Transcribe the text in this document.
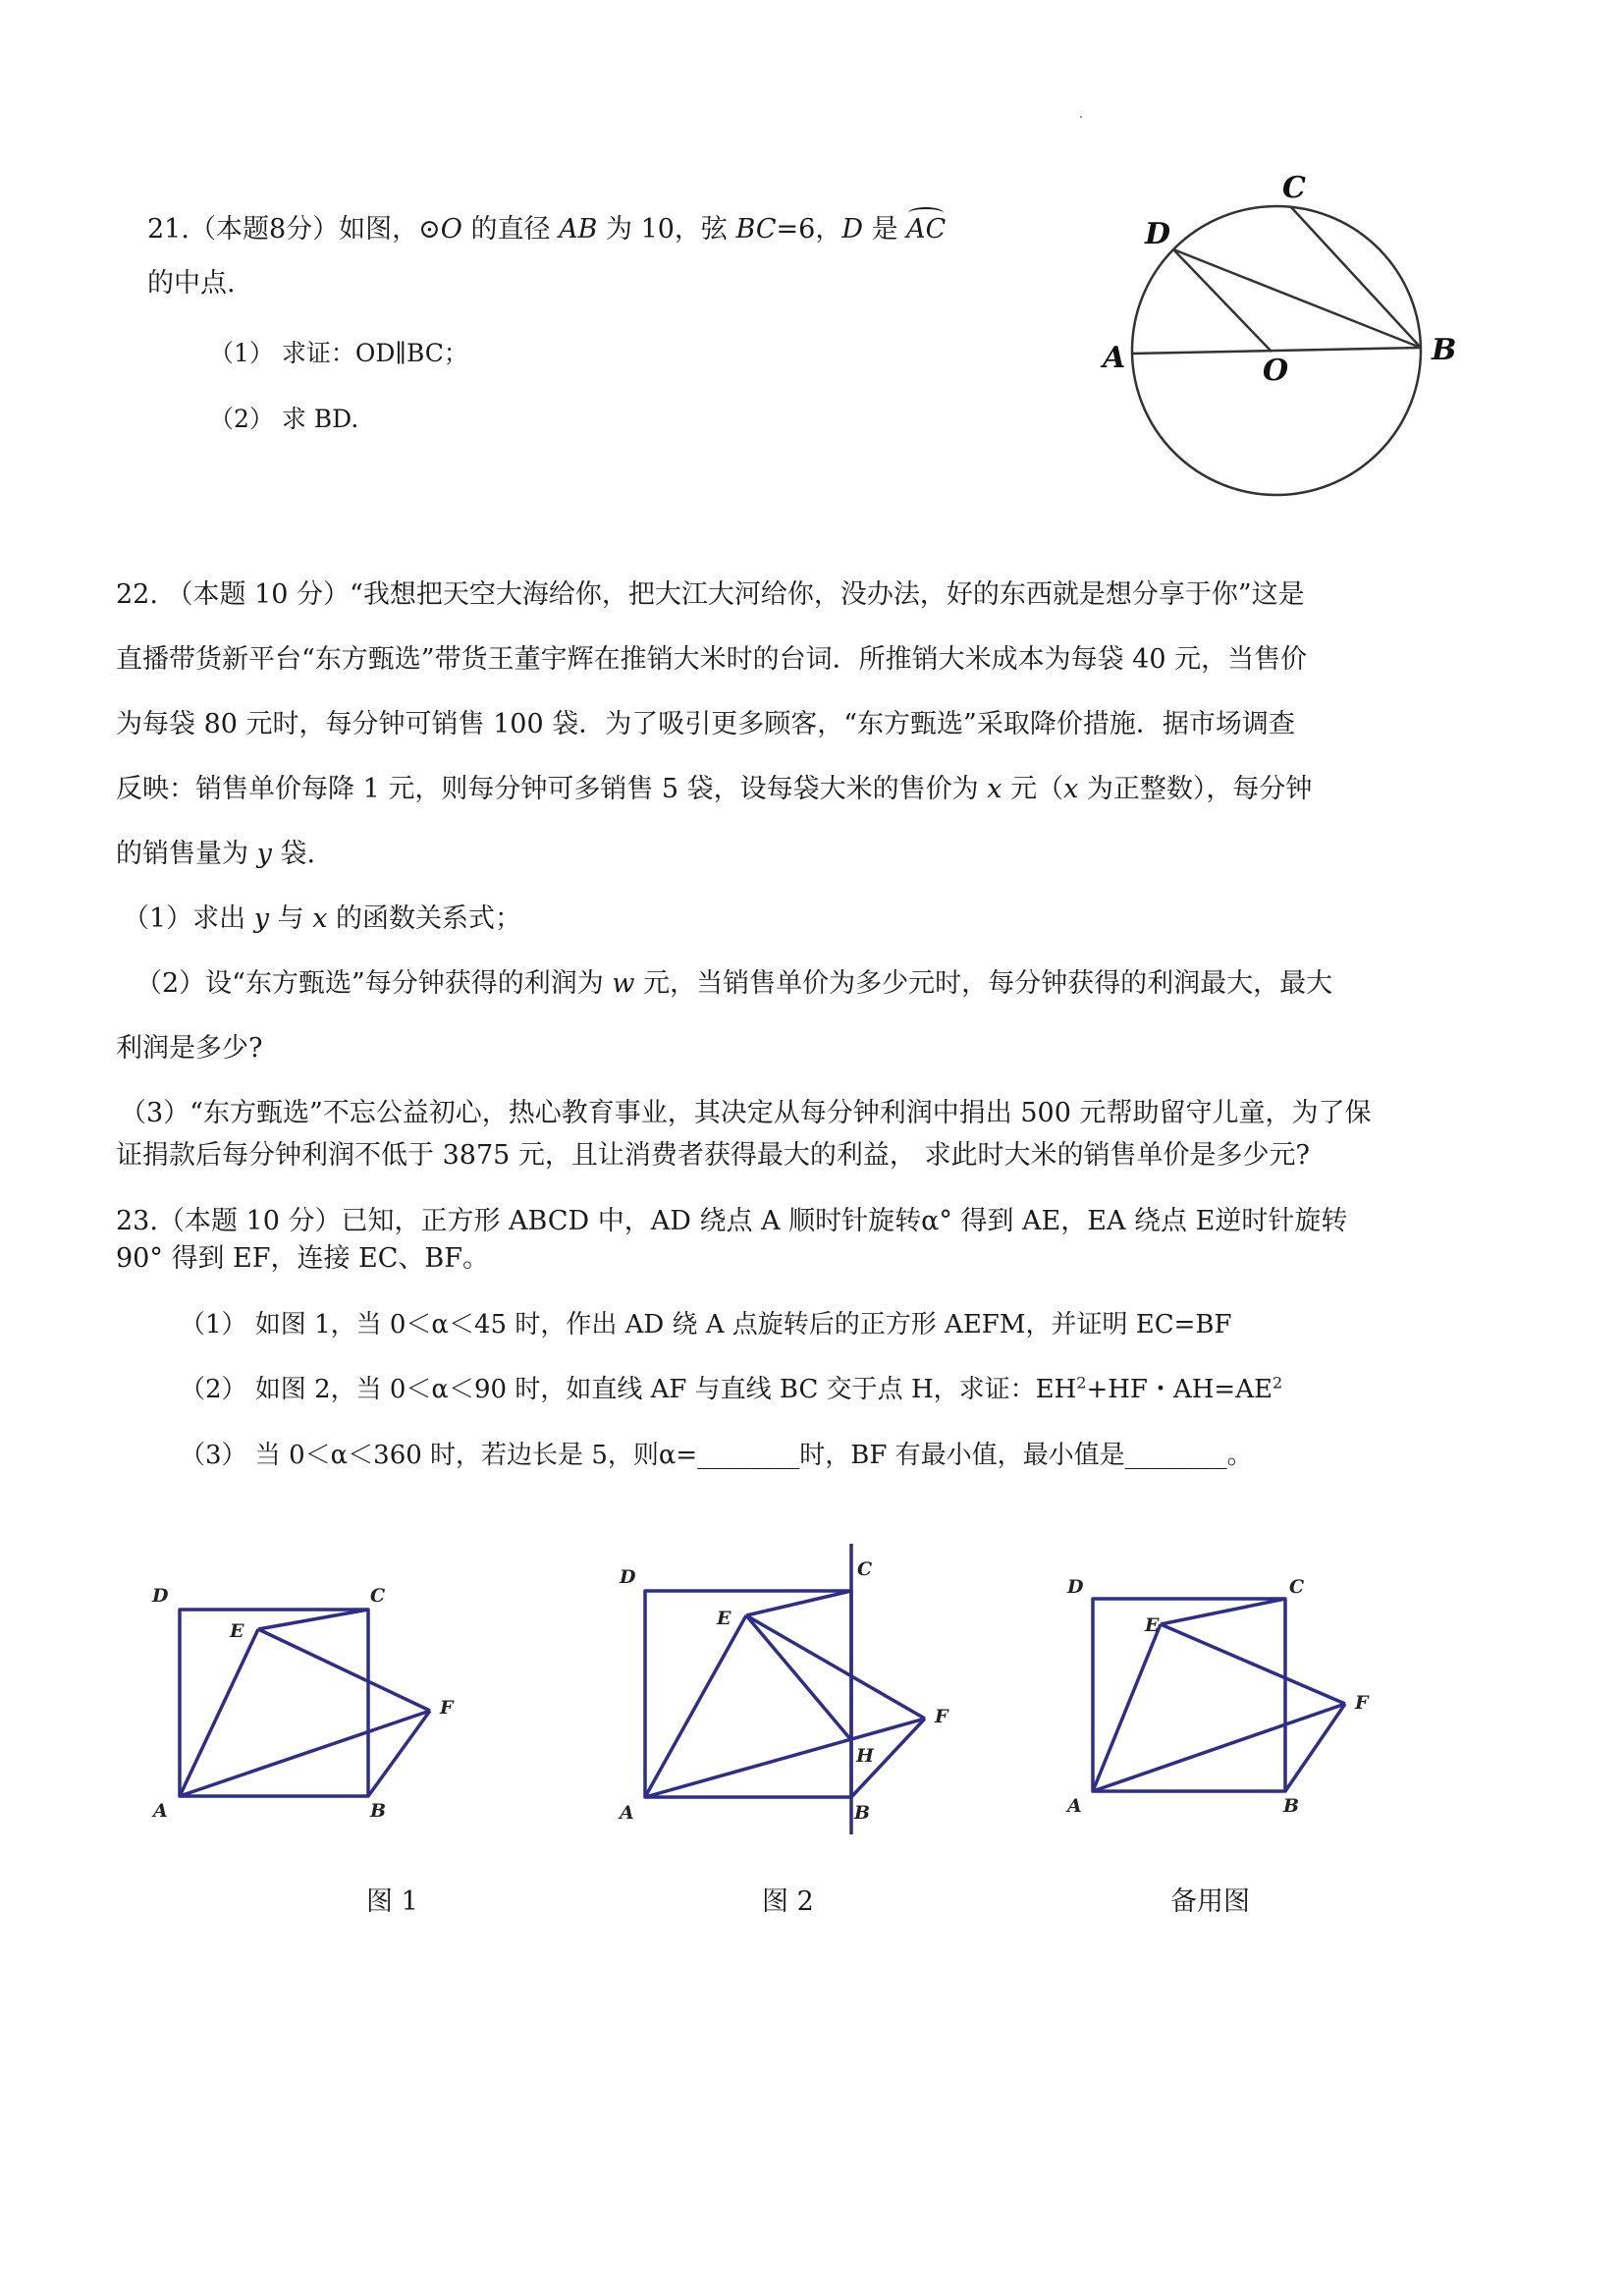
21.（本题8分）如图，⊙O 的直径 AB 为 10，弦 BC=6，D 是 AC
的中点.
（1） 求证：OD∥BC；
（2） 求 BD.
A	B
C
D
O
22. （本题 10 分）“我想把天空大海给你，把大江大河给你，没办法，好的东西就是想分享于你”这是
直播带货新平台“东方甄选”带货王董宇辉在推销大米时的台词．所推销大米成本为每袋 40 元，当售价
为每袋 80 元时，每分钟可销售 100 袋．为了吸引更多顾客，“东方甄选”采取降价措施．据市场调查
反映：销售单价每降 1 元，则每分钟可多销售 5 袋，设每袋大米的售价为 x 元（x 为正整数），每分钟
的销售量为 y 袋.
（1）求出 y 与 x 的函数关系式；
（2）设“东方甄选”每分钟获得的利润为 w 元，当销售单价为多少元时，每分钟获得的利润最大，最大
利润是多少?
（3）“东方甄选”不忘公益初心，热心教育事业，其决定从每分钟利润中捐出 500 元帮助留守儿童，为了保
证捐款后每分钟利润不低于 3875 元，且让消费者获得最大的利益， 求此时大米的销售单价是多少元?
23.（本题 10 分）已知，正方形 ABCD 中，AD 绕点 A 顺时针旋转α° 得到 AE，EA 绕点 E逆时针旋转
90° 得到 EF，连接 EC、BF。
（1） 如图 1，当 0＜α＜45 时，作出 AD 绕 A 点旋转后的正方形 AEFM，并证明 EC=BF
（2） 如图 2，当 0＜α＜90 时，如直线 AF 与直线 BC 交于点 H，求证：$EH^2+HF$・$AH=AE^2$
（3） 当 0＜α＜360 时，若边长是 5，则α=________时，BF 有最小值，最小值是________。
D	C
E
F
A	B
D	C
E
F
H
A	B
D	C
E
F
A	B
图 1	图 2	备用图
